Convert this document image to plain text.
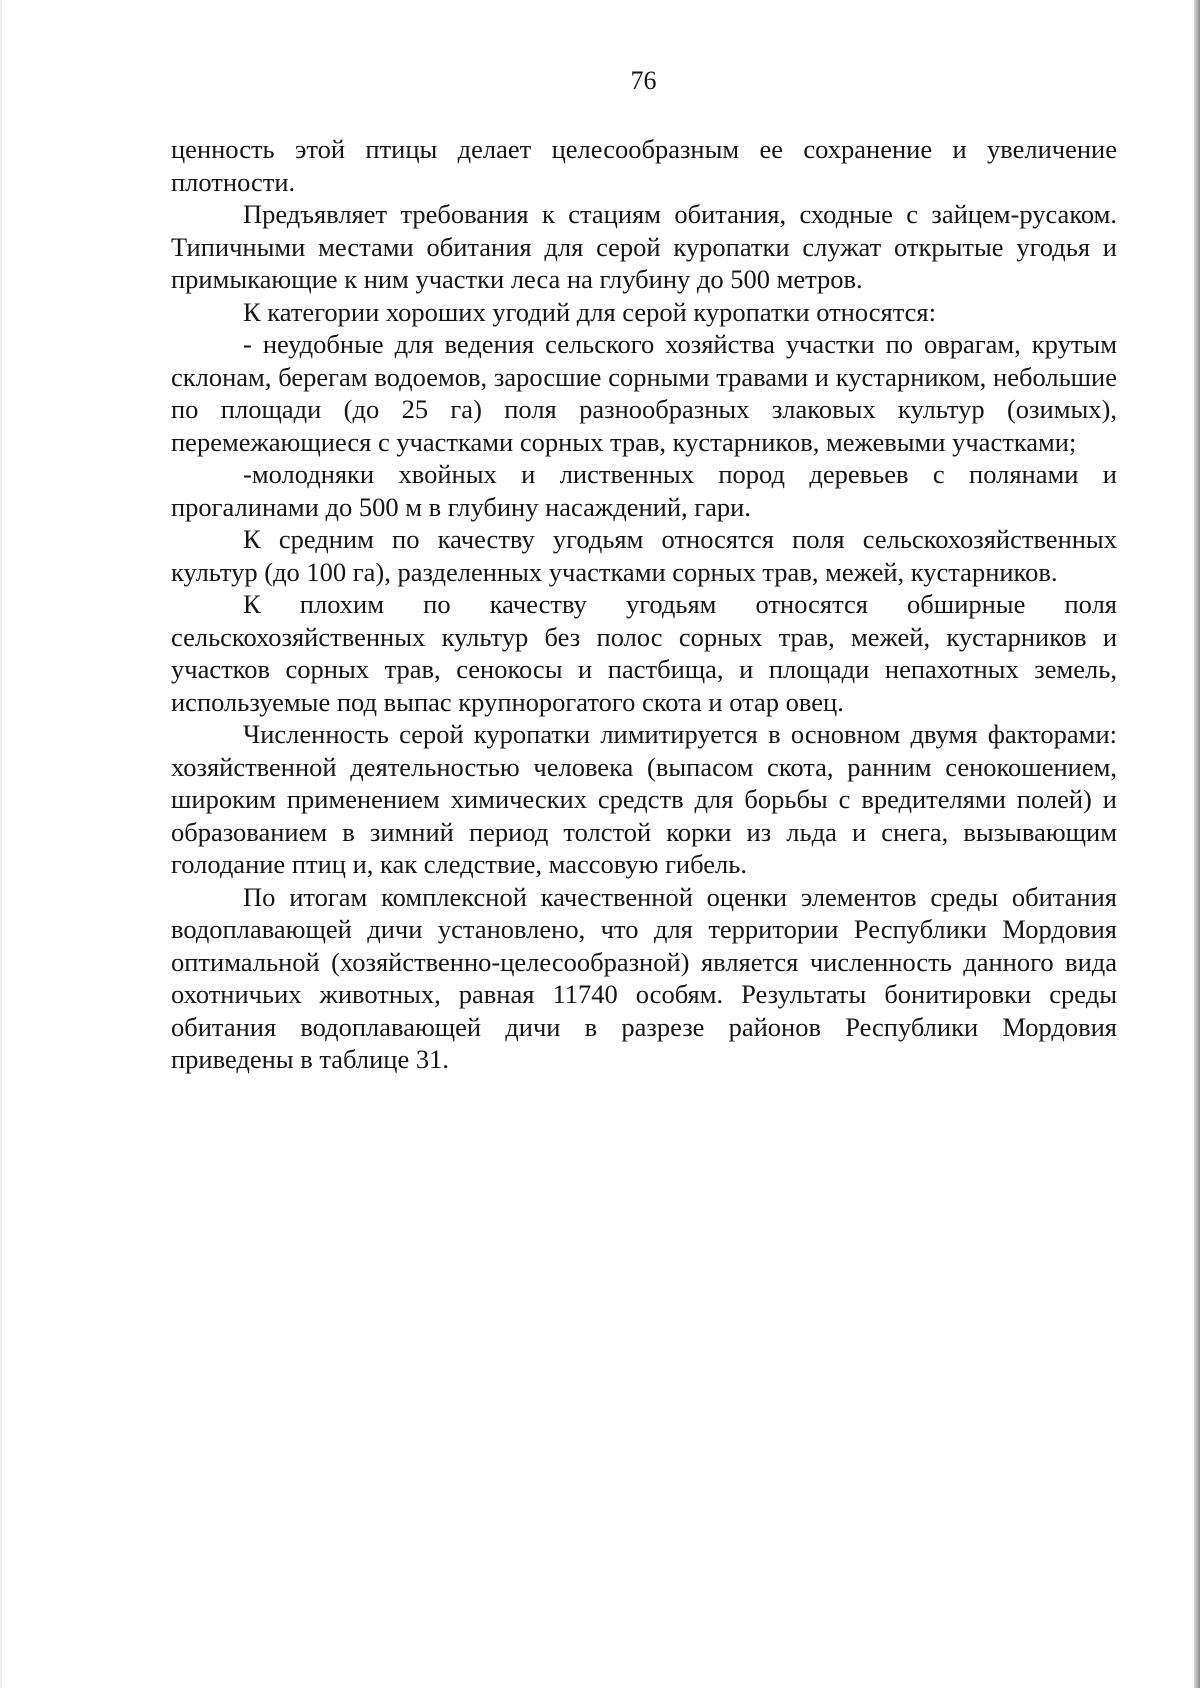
76

ценность этой птицы делает целесообразным ее сохранение и увеличение плотности.

Предъявляет требования к стациям обитания, сходные с зайцем-русаком. Типичными местами обитания для серой куропатки служат открытые угодья и примыкающие к ним участки леса на глубину до 500 метров.

К категории хороших угодий для серой куропатки относятся:

- неудобные для ведения сельского хозяйства участки по оврагам, крутым склонам, берегам водоемов, заросшие сорными травами и кустарником, небольшие по площади (до 25 га) поля разнообразных злаковых культур (озимых), перемежающиеся с участками сорных трав, кустарников, межевыми участками;

-молодняки хвойных и лиственных пород деревьев с полянами и прогалинами до 500 м в глубину насаждений, гари.

К средним по качеству угодьям относятся поля сельскохозяйственных культур (до 100 га), разделенных участками сорных трав, межей, кустарников.

К плохим по качеству угодьям относятся обширные поля сельскохозяйственных культур без полос сорных трав, межей, кустарников и участков сорных трав, сенокосы и пастбища, и площади непахотных земель, используемые под выпас крупнорогатого скота и отар овец.

Численность серой куропатки лимитируется в основном двумя факторами: хозяйственной деятельностью человека (выпасом скота, ранним сенокошением, широким применением химических средств для борьбы с вредителями полей) и образованием в зимний период толстой корки из льда и снега, вызывающим голодание птиц и, как следствие, массовую гибель.

По итогам комплексной качественной оценки элементов среды обитания водоплавающей дичи установлено, что для территории Республики Мордовия оптимальной (хозяйственно-целесообразной) является численность данного вида охотничьих животных, равная 11740 особям. Результаты бонитировки среды обитания водоплавающей дичи в разрезе районов Республики Мордовия приведены в таблице 31.
